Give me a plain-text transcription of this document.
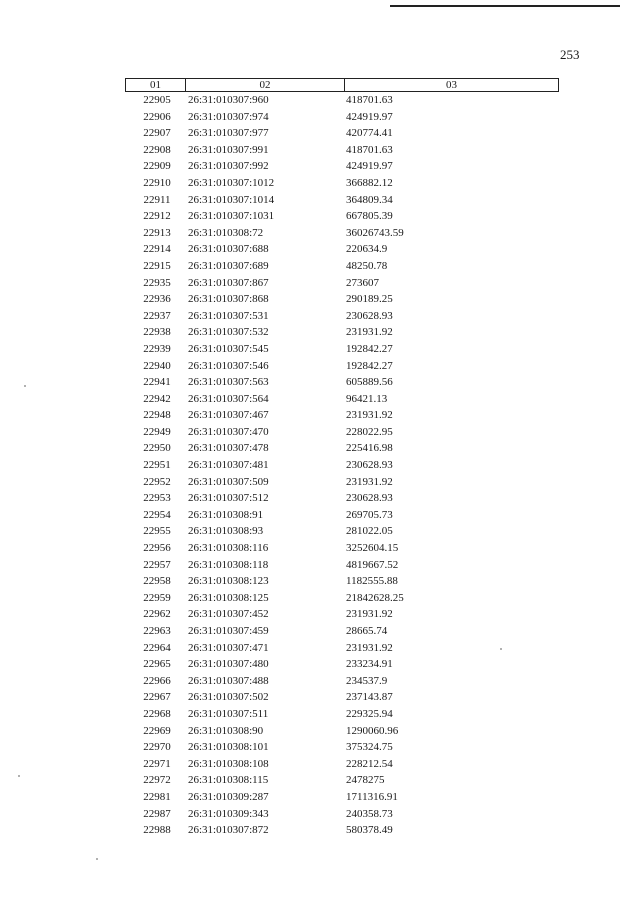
253
01	02	03
22905	26:31:010307:960	418701.63
22906	26:31:010307:974	424919.97
22907	26:31:010307:977	420774.41
22908	26:31:010307:991	418701.63
22909	26:31:010307:992	424919.97
22910	26:31:010307:1012	366882.12
22911	26:31:010307:1014	364809.34
22912	26:31:010307:1031	667805.39
22913	26:31:010308:72	36026743.59
22914	26:31:010307:688	220634.9
22915	26:31:010307:689	48250.78
22935	26:31:010307:867	273607
22936	26:31:010307:868	290189.25
22937	26:31:010307:531	230628.93
22938	26:31:010307:532	231931.92
22939	26:31:010307:545	192842.27
22940	26:31:010307:546	192842.27
22941	26:31:010307:563	605889.56
22942	26:31:010307:564	96421.13
22948	26:31:010307:467	231931.92
22949	26:31:010307:470	228022.95
22950	26:31:010307:478	225416.98
22951	26:31:010307:481	230628.93
22952	26:31:010307:509	231931.92
22953	26:31:010307:512	230628.93
22954	26:31:010308:91	269705.73
22955	26:31:010308:93	281022.05
22956	26:31:010308:116	3252604.15
22957	26:31:010308:118	4819667.52
22958	26:31:010308:123	1182555.88
22959	26:31:010308:125	21842628.25
22962	26:31:010307:452	231931.92
22963	26:31:010307:459	28665.74
22964	26:31:010307:471	231931.92
22965	26:31:010307:480	233234.91
22966	26:31:010307:488	234537.9
22967	26:31:010307:502	237143.87
22968	26:31:010307:511	229325.94
22969	26:31:010308:90	1290060.96
22970	26:31:010308:101	375324.75
22971	26:31:010308:108	228212.54
22972	26:31:010308:115	2478275
22981	26:31:010309:287	1711316.91
22987	26:31:010309:343	240358.73
22988	26:31:010307:872	580378.49
